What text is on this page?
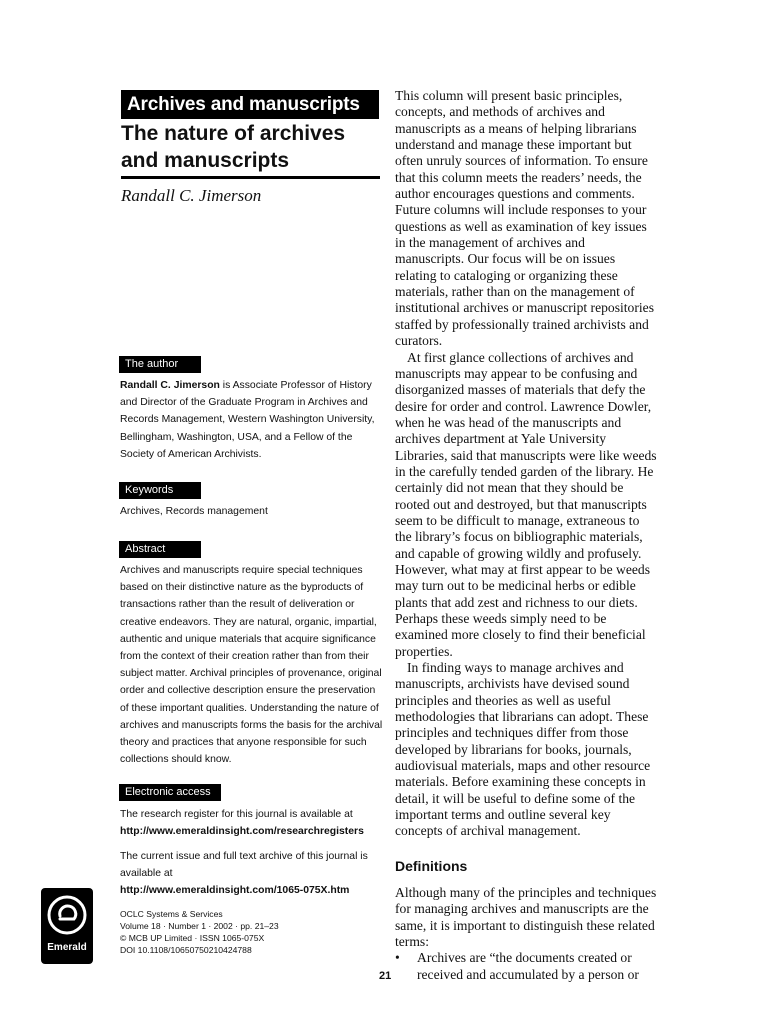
Archives and manuscripts
The nature of archives and manuscripts
Randall C. Jimerson
The author

Randall C. Jimerson is Associate Professor of History and Director of the Graduate Program in Archives and Records Management, Western Washington University, Bellingham, Washington, USA, and a Fellow of the Society of American Archivists.

Keywords

Archives, Records management

Abstract

Archives and manuscripts require special techniques based on their distinctive nature as the byproducts of transactions rather than the result of deliveration or creative endeavors. They are natural, organic, impartial, authentic and unique materials that acquire significance from the context of their creation rather than from their subject matter. Archival principles of provenance, original order and collective description ensure the preservation of these important qualities. Understanding the nature of archives and manuscripts forms the basis for the archival theory and practices that anyone responsible for such collections should know.

Electronic access

The research register for this journal is available at
http://www.emeraldinsight.com/researchregisters

The current issue and full text archive of this journal is available at
http://www.emeraldinsight.com/1065-075X.htm

OCLC Systems & Services
Volume 18 · Number 1 · 2002 · pp. 21–23
© MCB UP Limited · ISSN 1065-075X
DOI 10.1108/10650750210424788
Emerald

This column will present basic principles, concepts, and methods of archives and manuscripts as a means of helping librarians understand and manage these important but often unruly sources of information. To ensure that this column meets the readers’ needs, the author encourages questions and comments. Future columns will include responses to your questions as well as examination of key issues in the management of archives and manuscripts. Our focus will be on issues relating to cataloging or organizing these materials, rather than on the management of institutional archives or manuscript repositories staffed by professionally trained archivists and curators.

At first glance collections of archives and manuscripts may appear to be confusing and disorganized masses of materials that defy the desire for order and control. Lawrence Dowler, when he was head of the manuscripts and archives department at Yale University Libraries, said that manuscripts were like weeds in the carefully tended garden of the library. He certainly did not mean that they should be rooted out and destroyed, but that manuscripts seem to be difficult to manage, extraneous to the library’s focus on bibliographic materials, and capable of growing wildly and profusely. However, what may at first appear to be weeds may turn out to be medicinal herbs or edible plants that add zest and richness to our diets. Perhaps these weeds simply need to be examined more closely to find their beneficial properties.

In finding ways to manage archives and manuscripts, archivists have devised sound principles and theories as well as useful methodologies that librarians can adopt. These principles and techniques differ from those developed by librarians for books, journals, audiovisual materials, maps and other resource materials. Before examining these concepts in detail, it will be useful to define some of the important terms and outline several key concepts of archival management.

Definitions

Although many of the principles and techniques for managing archives and manuscripts are the same, it is important to distinguish these related terms:

•	Archives are “the documents created or received and accumulated by a person or
21
